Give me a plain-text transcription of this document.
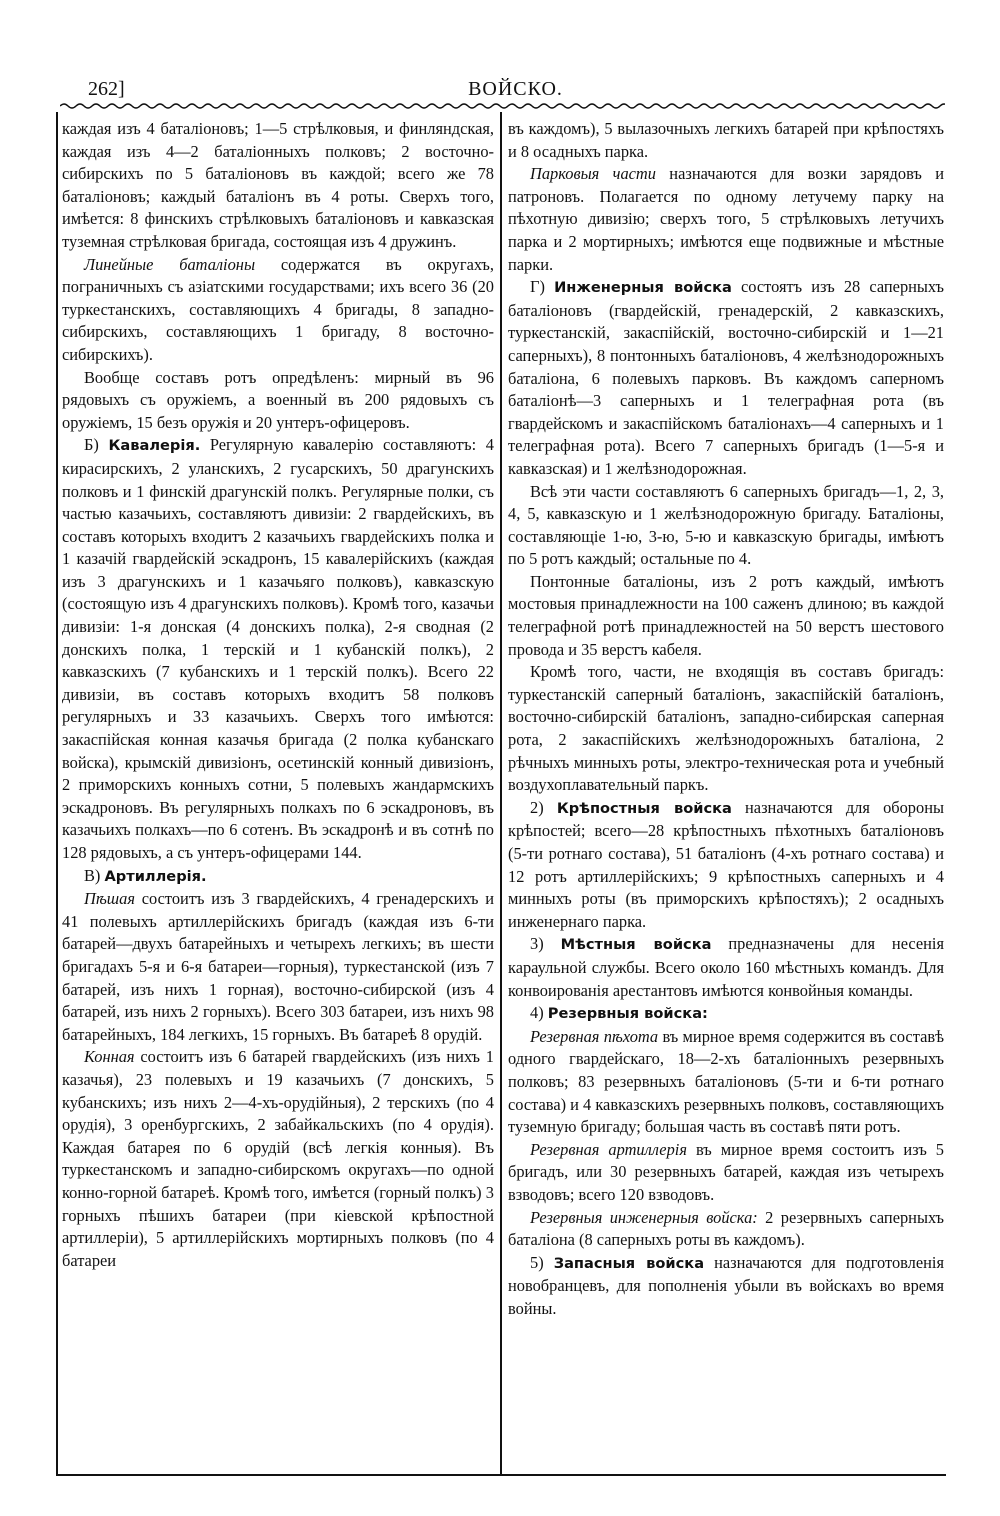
262]	ВОЙСКО.

каждая изъ 4 баталіоновъ; 1—5 стрѣлковыя, и финляндская, каждая изъ 4—2 баталіонныхъ полковъ; 2 восточно-сибирскихъ по 5 баталіоновъ въ каждой; всего же 78 баталіоновъ; каждый баталіонъ въ 4 роты. Сверхъ того, имѣется: 8 финскихъ стрѣлковыхъ баталіоновъ и кавказская туземная стрѣлковая бригада, состоящая изъ 4 дружинъ.

Линейные баталіоны содержатся въ округахъ, пограничныхъ съ азіатскими государствами; ихъ всего 36 (20 туркестанскихъ, составляющихъ 4 бригады, 8 западно-сибирскихъ, составляющихъ 1 бригаду, 8 восточно-сибирскихъ).

Вообще составъ ротъ опредѣленъ: мирный въ 96 рядовыхъ съ оружіемъ, а военный въ 200 рядовыхъ съ оружіемъ, 15 безъ оружія и 20 унтеръ-офицеровъ.

Б) Кавалерія. Регулярную кавалерію составляютъ: 4 кирасирскихъ, 2 уланскихъ, 2 гусарскихъ, 50 драгунскихъ полковъ и 1 финскій драгунскій полкъ. Регулярные полки, съ частью казачьихъ, составляютъ дивизіи: 2 гвардейскихъ, въ составъ которыхъ входитъ 2 казачьихъ гвардейскихъ полка и 1 казачій гвардейскій эскадронъ, 15 кавалерійскихъ (каждая изъ 3 драгунскихъ и 1 казачьяго полковъ), кавказскую (состоящую изъ 4 драгунскихъ полковъ). Кромѣ того, казачьи дивизіи: 1-я донская (4 донскихъ полка), 2-я сводная (2 донскихъ полка, 1 терскій и 1 кубанскій полкъ), 2 кавказскихъ (7 кубанскихъ и 1 терскій полкъ). Всего 22 дивизіи, въ составъ которыхъ входитъ 58 полковъ регулярныхъ и 33 казачьихъ. Сверхъ того имѣются: закаспійская конная казачья бригада (2 полка кубанскаго войска), крымскій дивизіонъ, осетинскій конный дивизіонъ, 2 приморскихъ конныхъ сотни, 5 полевыхъ жандармскихъ эскадроновъ. Въ регулярныхъ полкахъ по 6 эскадроновъ, въ казачьихъ полкахъ—по 6 сотенъ. Въ эскадронѣ и въ сотнѣ по 128 рядовыхъ, а съ унтеръ-офицерами 144.

В) Артиллерія.

Пѣшая состоитъ изъ 3 гвардейскихъ, 4 гренадерскихъ и 41 полевыхъ артиллерійскихъ бригадъ (каждая изъ 6-ти батарей—двухъ батарейныхъ и четырехъ легкихъ; въ шести бригадахъ 5-я и 6-я батареи—горныя), туркестанской (изъ 7 батарей, изъ нихъ 1 горная), восточно-сибирской (изъ 4 батарей, изъ нихъ 2 горныхъ). Всего 303 батареи, изъ нихъ 98 батарейныхъ, 184 легкихъ, 15 горныхъ. Въ батареѣ 8 орудій.

Конная состоитъ изъ 6 батарей гвардейскихъ (изъ нихъ 1 казачья), 23 полевыхъ и 19 казачьихъ (7 донскихъ, 5 кубанскихъ; изъ нихъ 2—4-хъ-орудійныя), 2 терскихъ (по 4 орудія), 3 оренбургскихъ, 2 забайкальскихъ (по 4 орудія). Каждая батарея по 6 орудій (всѣ легкія конныя). Въ туркестанскомъ и западно-сибирскомъ округахъ—по одной конно-горной батареѣ. Кромѣ того, имѣется (горный полкъ) 3 горныхъ пѣшихъ батареи (при кіевской крѣпостной артиллеріи), 5 артиллерійскихъ мортирныхъ полковъ (по 4 батареи

въ каждомъ), 5 вылазочныхъ легкихъ батарей при крѣпостяхъ и 8 осадныхъ парка.

Парковыя части назначаются для возки зарядовъ и патроновъ. Полагается по одному летучему парку на пѣхотную дивизію; сверхъ того, 5 стрѣлковыхъ летучихъ парка и 2 мортирныхъ; имѣются еще подвижные и мѣстные парки.

Г) Инженерныя войска состоятъ изъ 28 саперныхъ баталіоновъ (гвардейскій, гренадерскій, 2 кавказскихъ, туркестанскій, закаспійскій, восточно-сибирскій и 1—21 саперныхъ), 8 понтонныхъ баталіоновъ, 4 желѣзнодорожныхъ баталіона, 6 полевыхъ парковъ. Въ каждомъ саперномъ баталіонѣ—3 саперныхъ и 1 телеграфная рота (въ гвардейскомъ и закаспійскомъ баталіонахъ—4 саперныхъ и 1 телеграфная рота). Всего 7 саперныхъ бригадъ (1—5-я и кавказская) и 1 желѣзнодорожная.

Всѣ эти части составляютъ 6 саперныхъ бригадъ—1, 2, 3, 4, 5, кавказскую и 1 желѣзнодорожную бригаду. Баталіоны, составляющіе 1-ю, 3-ю, 5-ю и кавказскую бригады, имѣютъ по 5 ротъ каждый; остальные по 4.

Понтонные баталіоны, изъ 2 ротъ каждый, имѣютъ мостовыя принадлежности на 100 саженъ длиною; въ каждой телеграфной ротѣ принадлежностей на 50 верстъ шестового провода и 35 верстъ кабеля.

Кромѣ того, части, не входящія въ составъ бригадъ: туркестанскій саперный баталіонъ, закаспійскій баталіонъ, восточно-сибирскій баталіонъ, западно-сибирская саперная рота, 2 закаспійскихъ желѣзнодорожныхъ баталіона, 2 рѣчныхъ минныхъ роты, электро-техническая рота и учебный воздухоплавательный паркъ.

2) Крѣпостныя войска назначаются для обороны крѣпостей; всего—28 крѣпостныхъ пѣхотныхъ баталіоновъ (5-ти ротнаго состава), 51 баталіонъ (4-хъ ротнаго состава) и 12 ротъ артиллерійскихъ; 9 крѣпостныхъ саперныхъ и 4 минныхъ роты (въ приморскихъ крѣпостяхъ); 2 осадныхъ инженернаго парка.

3) Мѣстныя войска предназначены для несенія караульной службы. Всего около 160 мѣстныхъ командъ. Для конвоированія арестантовъ имѣются конвойныя команды.

4) Резервныя войска:

Резервная пѣхота въ мирное время содержится въ составѣ одного гвардейскаго, 18—2-хъ баталіонныхъ резервныхъ полковъ; 83 резервныхъ баталіоновъ (5-ти и 6-ти ротнаго состава) и 4 кавказскихъ резервныхъ полковъ, составляющихъ туземную бригаду; большая часть въ составѣ пяти ротъ.

Резервная артиллерія въ мирное время состоитъ изъ 5 бригадъ, или 30 резервныхъ батарей, каждая изъ четырехъ взводовъ; всего 120 взводовъ.

Резервныя инженерныя войска: 2 резервныхъ саперныхъ баталіона (8 саперныхъ роты въ каждомъ).

5) Запасныя войска назначаются для подготовленія новобранцевъ, для пополненія убыли въ войскахъ во время войны.
